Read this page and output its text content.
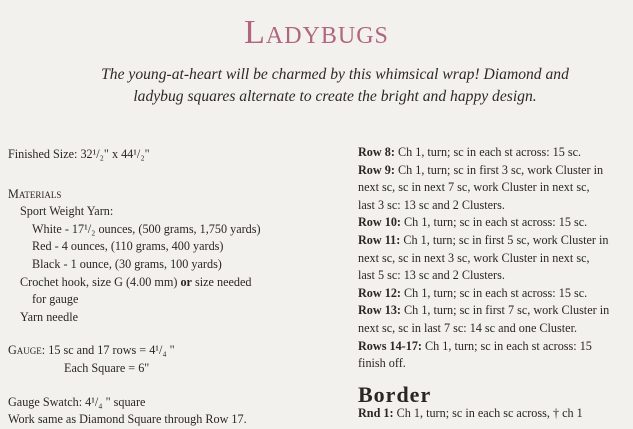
Ladybugs
The young-at-heart will be charmed by this whimsical wrap! Diamond and
ladybug squares alternate to create the bright and happy design.
Finished Size: 32¹/₂" x 44¹/₂"
Materials
Sport Weight Yarn:
White - 17¹/₂ ounces, (500 grams, 1,750 yards)
Red - 4 ounces, (110 grams, 400 yards)
Black - 1 ounce, (30 grams, 100 yards)
Crochet hook, size G (4.00 mm) or size needed
for gauge
Yarn needle
Gauge: 15 sc and 17 rows = 4¹/₄ "
Each Square = 6"
Gauge Swatch: 4¹/₄ " square
Work same as Diamond Square through Row 17.
Row 8: Ch 1, turn; sc in each st across: 15 sc.
Row 9: Ch 1, turn; sc in first 3 sc, work Cluster in
next sc, sc in next 7 sc, work Cluster in next sc,
last 3 sc: 13 sc and 2 Clusters.
Row 10: Ch 1, turn; sc in each st across: 15 sc.
Row 11: Ch 1, turn; sc in first 5 sc, work Cluster in
next sc, sc in next 3 sc, work Cluster in next sc,
last 5 sc: 13 sc and 2 Clusters.
Row 12: Ch 1, turn; sc in each st across: 15 sc.
Row 13: Ch 1, turn; sc in first 7 sc, work Cluster in
next sc, sc in last 7 sc: 14 sc and one Cluster.
Rows 14-17: Ch 1, turn; sc in each st across: 15
finish off.
Border
Rnd 1: Ch 1, turn; sc in each sc across, † ch 1
